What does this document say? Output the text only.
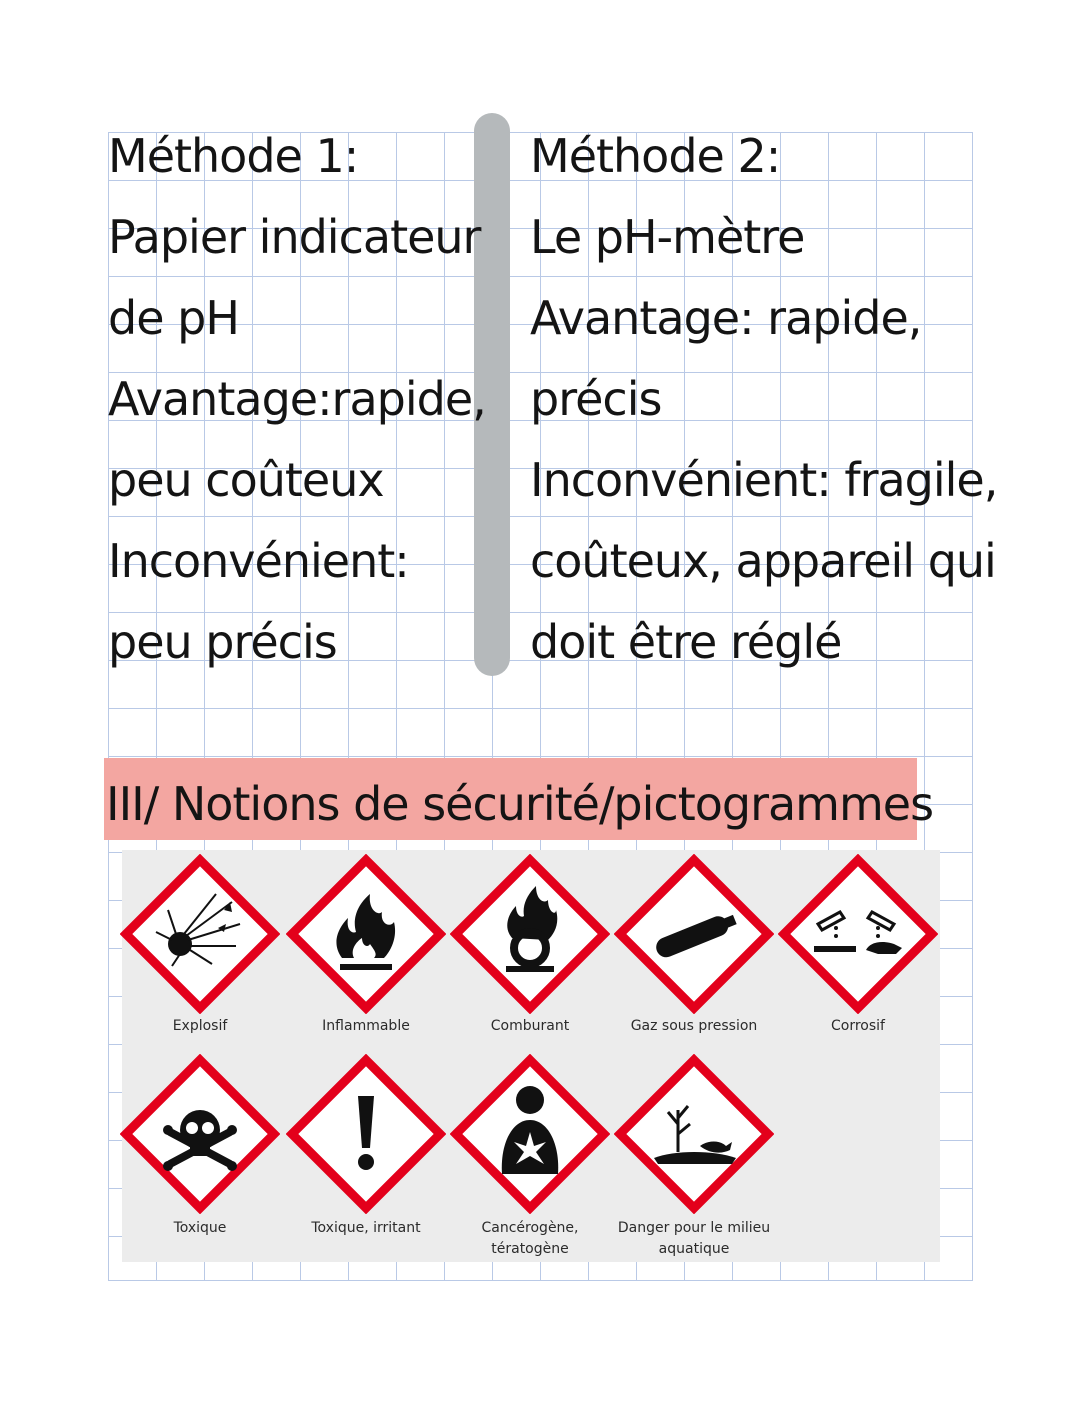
Méthode 1:
Papier indicateur
de pH
Avantage:rapide,
peu coûteux
Inconvénient:
peu précis
Méthode 2:
Le pH-mètre
Avantage: rapide,
précis
Inconvénient: fragile,
coûteux, appareil qui
doit être réglé
III/ Notions de sécurité/pictogrammes
Explosif	Inflammable	Comburant	Gaz sous pression	Corrosif
Toxique	Toxique, irritant	Cancérogène,
tératogène
Danger pour le milieu
aquatique
